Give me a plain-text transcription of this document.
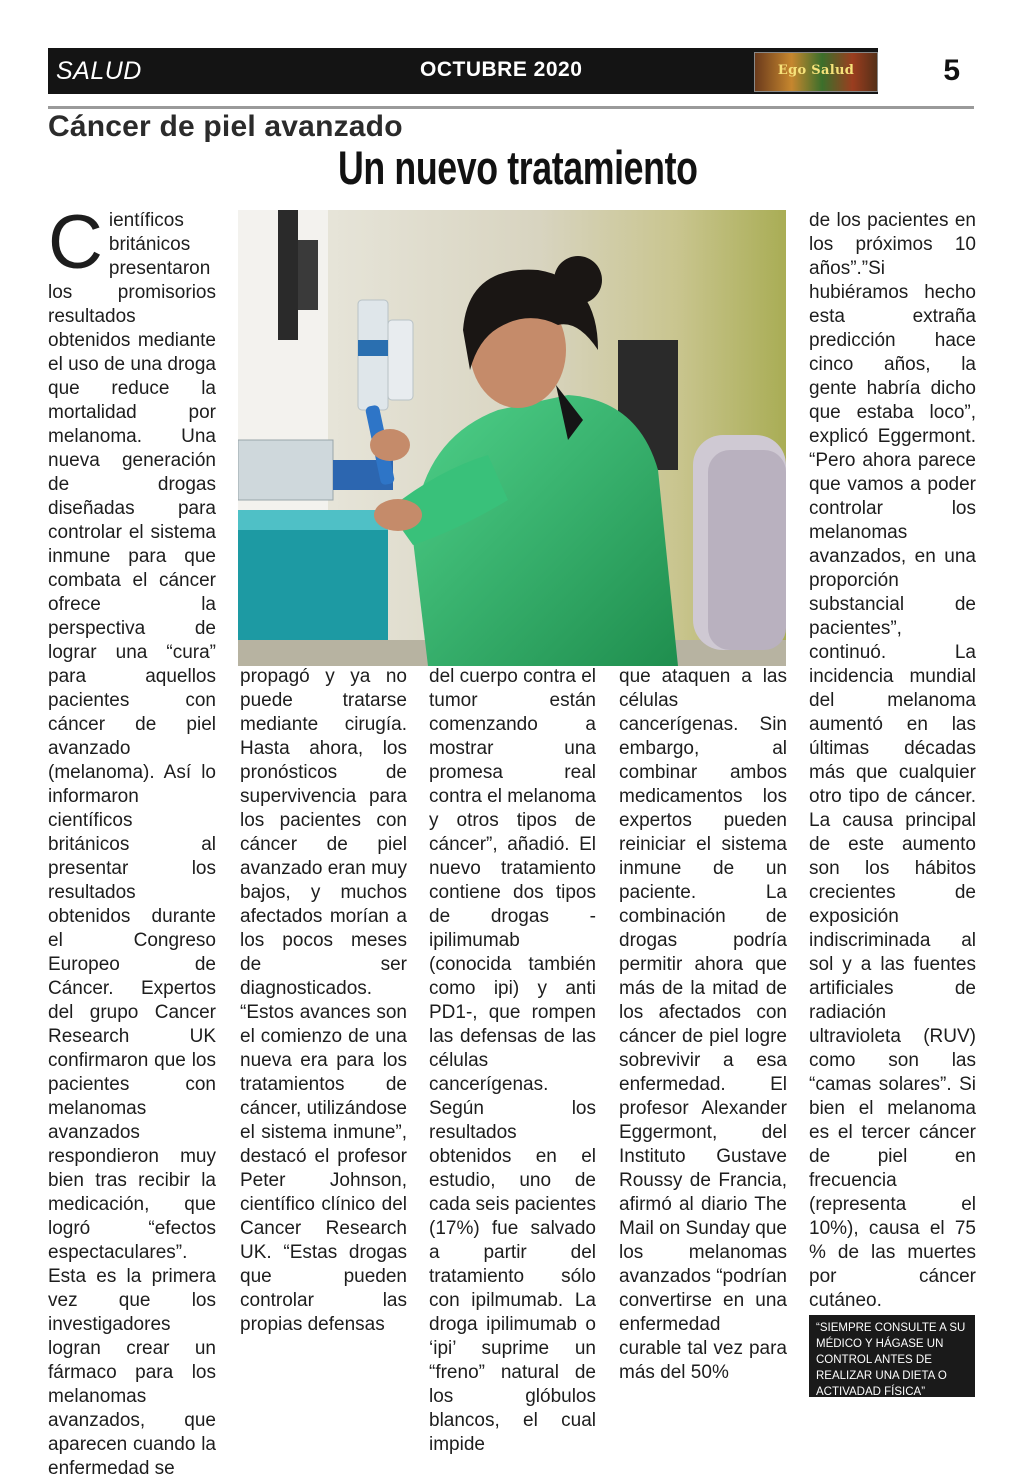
SALUD	OCTUBRE 2020	Ego Salud	5
Cáncer de piel avanzado
Un nuevo tratamiento
Científicos británicos presentaron los promisorios resultados obtenidos mediante el uso de una droga que reduce la mortalidad por melanoma. Una nueva generación de drogas diseñadas para controlar el sistema inmune para que combata el cáncer ofrece la perspectiva de lograr una “cura” para aquellos pacientes con cáncer de piel avanzado (melanoma). Así lo informaron científicos británicos al presentar los resultados obtenidos durante el Congreso Europeo de Cáncer. Expertos del grupo Cancer Research UK confirmaron que los pacientes con melanomas avanzados respondieron muy bien tras recibir la medicación, que logró “efectos espectaculares”. Esta es la primera vez que los investigadores logran crear un fármaco para los melanomas avanzados, que aparecen cuando la enfermedad se
propagó y ya no puede tratarse mediante cirugía. Hasta ahora, los pronósticos de supervivencia para los pacientes con cáncer de piel avanzado eran muy bajos, y muchos afectados morían a los pocos meses de ser diagnosticados. “Estos avances son el comienzo de una nueva era para los tratamientos de cáncer, utilizándose el sistema inmune”, destacó el profesor Peter Johnson, científico clínico del Cancer Research UK. “Estas drogas que pueden controlar las propias defensas
del cuerpo contra el tumor están comenzando a mostrar una promesa real contra el melanoma y otros tipos de cáncer”, añadió. El nuevo tratamiento contiene dos tipos de drogas -ipilimumab (conocida también como ipi) y anti PD1-, que rompen las defensas de las células cancerígenas. Según los resultados obtenidos en el estudio, uno de cada seis pacientes (17%) fue salvado a partir del tratamiento sólo con ipilmumab. La droga ipilimumab o ‘ipi’ suprime un “freno” natural de los glóbulos blancos, el cual impide
que ataquen a las células cancerígenas. Sin embargo, al combinar ambos medicamentos los expertos pueden reiniciar el sistema inmune de un paciente. La combinación de drogas podría permitir ahora que más de la mitad de los afectados con cáncer de piel logre sobrevivir a esa enfermedad. El profesor Alexander Eggermont, del Instituto Gustave Roussy de Francia, afirmó al diario The Mail on Sunday que los melanomas avanzados “podrían convertirse en una enfermedad curable tal vez para más del 50%
de los pacientes en los próximos 10 años”.”Si hubiéramos hecho esta extraña predicción hace cinco años, la gente habría dicho que estaba loco”, explicó Eggermont. “Pero ahora parece que vamos a poder controlar los melanomas avanzados, en una proporción substancial de pacientes”, continuó. La incidencia mundial del melanoma aumentó en las últimas décadas más que cualquier otro tipo de cáncer. La causa principal de este aumento son los hábitos crecientes de exposición indiscriminada al sol y a las fuentes artificiales de radiación ultravioleta (RUV) como son las “camas solares”. Si bien el melanoma es el tercer cáncer de piel en frecuencia (representa el 10%), causa el 75 % de las muertes por cáncer cutáneo.
“SIEMPRE CONSULTE A SU MÉDICO Y HÁGASE UN CONTROL ANTES DE REALIZAR UNA DIETA O ACTIVADAD FÍSICA”
